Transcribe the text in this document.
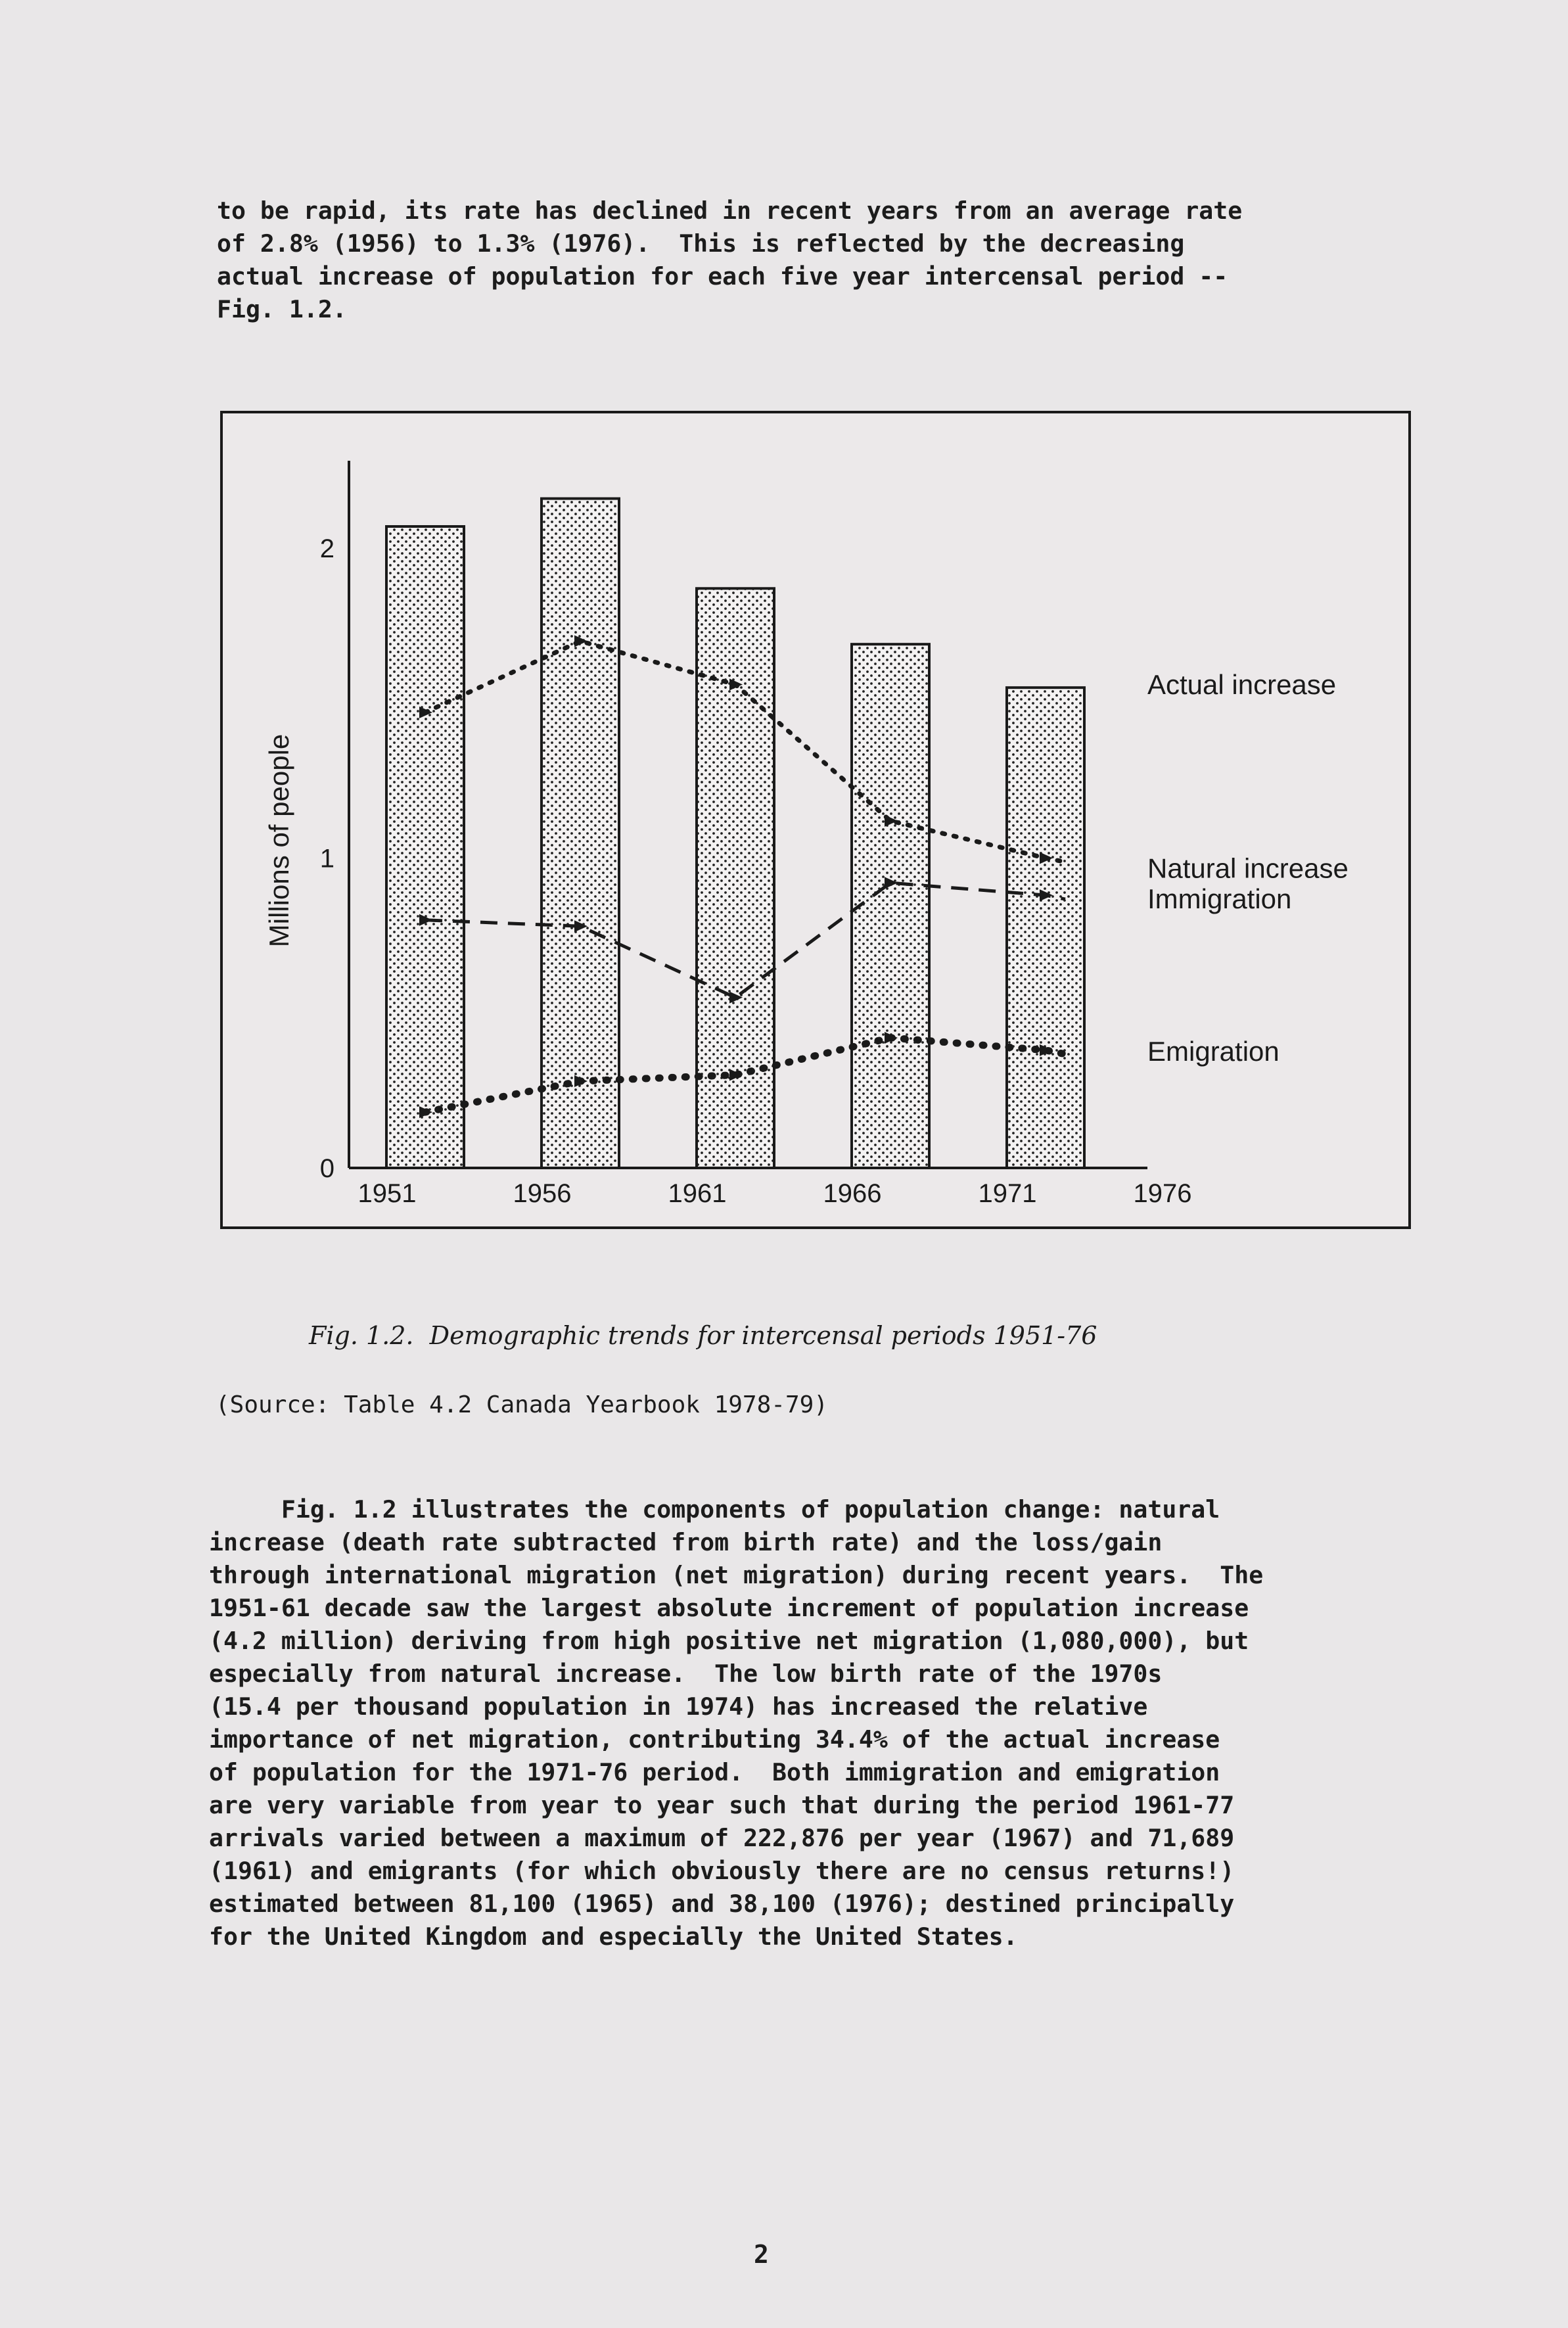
to be rapid, its rate has declined in recent years from an average rate
of 2.8% (1956) to 1.3% (1976).  This is reflected by the decreasing
actual increase of population for each five year intercensal period --
Fig. 1.2.

0
1
2
Millions of people
1951	1956	1961	1966	1971	1976
Actual increase
Natural increase
Immigration
Emigration
Fig. 1.2.  Demographic trends for intercensal periods 1951-76
(Source: Table 4.2 Canada Yearbook 1978-79)

Fig. 1.2 illustrates the components of population change: natural
increase (death rate subtracted from birth rate) and the loss/gain
through international migration (net migration) during recent years.  The
1951-61 decade saw the largest absolute increment of population increase
(4.2 million) deriving from high positive net migration (1,080,000), but
especially from natural increase.  The low birth rate of the 1970s
(15.4 per thousand population in 1974) has increased the relative
importance of net migration, contributing 34.4% of the actual increase
of population for the 1971-76 period.  Both immigration and emigration
are very variable from year to year such that during the period 1961-77
arrivals varied between a maximum of 222,876 per year (1967) and 71,689
(1961) and emigrants (for which obviously there are no census returns!)
estimated between 81,100 (1965) and 38,100 (1976); destined principally
for the United Kingdom and especially the United States.

2
